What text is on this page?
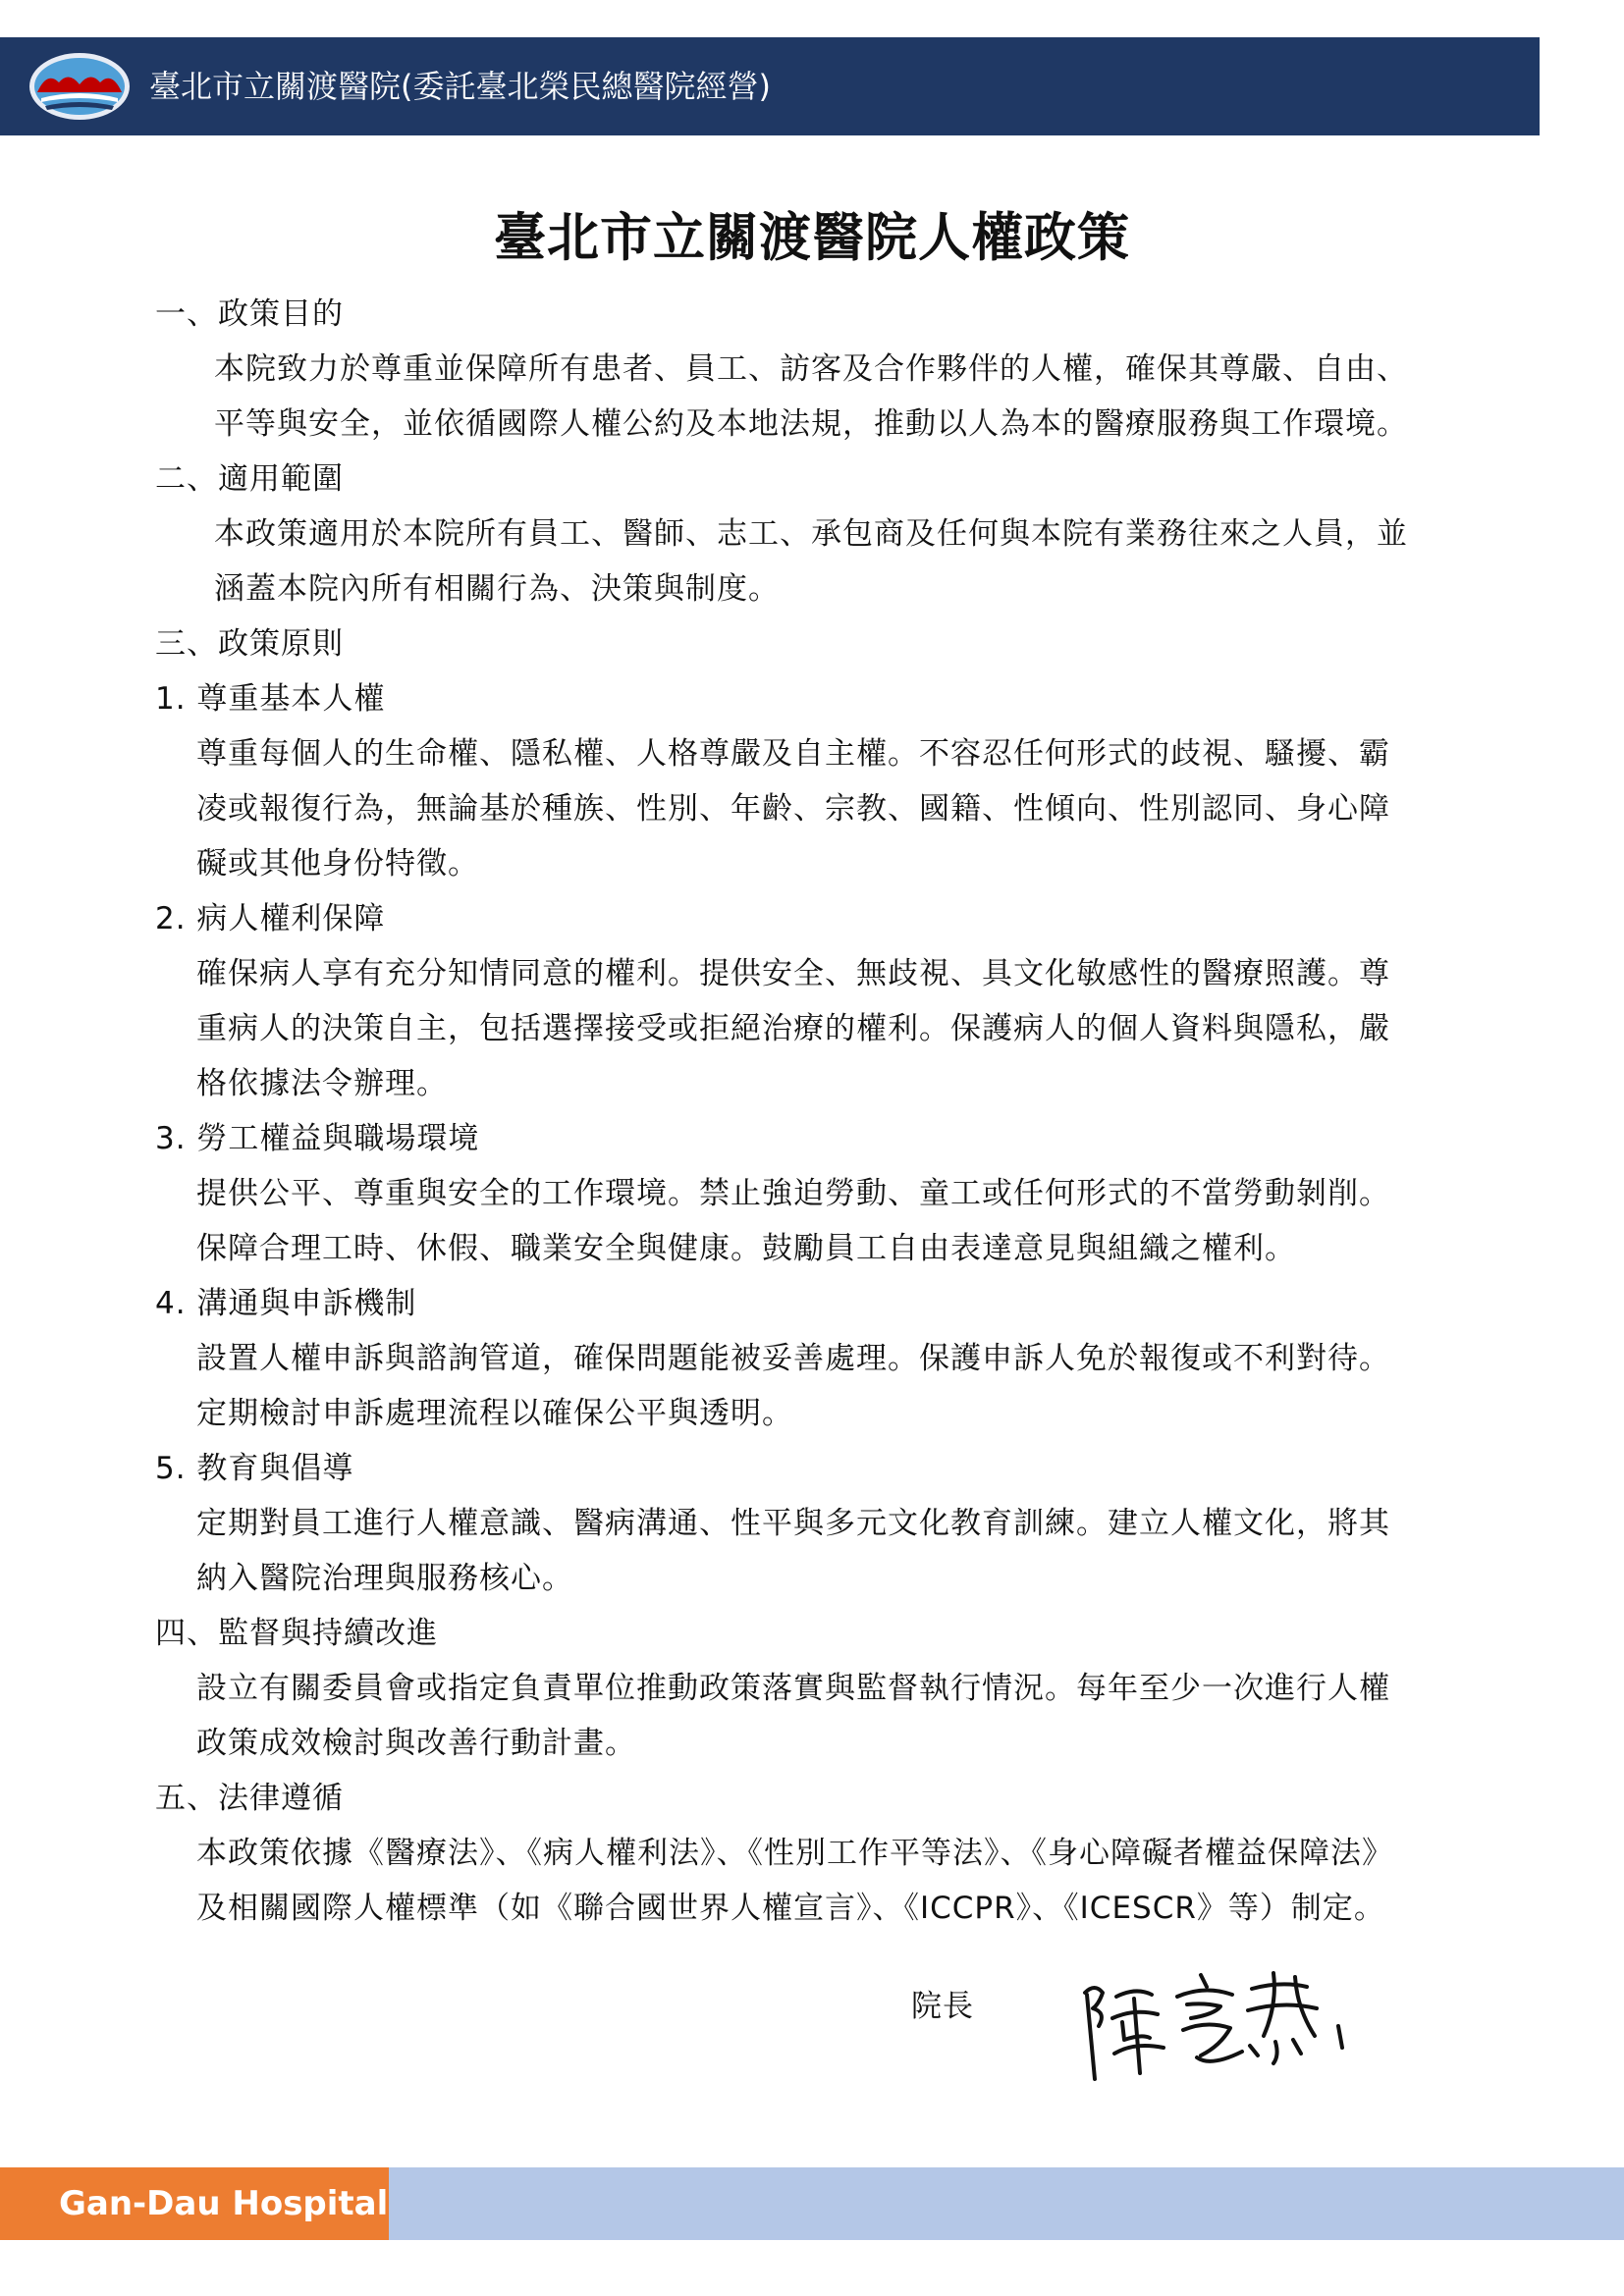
臺北市立關渡醫院(委託臺北榮民總醫院經營)
臺北市立關渡醫院人權政策
一、政策目的
本院致力於尊重並保障所有患者、員工、訪客及合作夥伴的人權，確保其尊嚴、自由、
平等與安全，並依循國際人權公約及本地法規，推動以人為本的醫療服務與工作環境。
二、適用範圍
本政策適用於本院所有員工、醫師、志工、承包商及任何與本院有業務往來之人員，並
涵蓋本院內所有相關行為、決策與制度。
三、政策原則
1. 尊重基本人權
尊重每個人的生命權、隱私權、人格尊嚴及自主權。不容忍任何形式的歧視、騷擾、霸
凌或報復行為，無論基於種族、性別、年齡、宗教、國籍、性傾向、性別認同、身心障
礙或其他身份特徵。
2. 病人權利保障
確保病人享有充分知情同意的權利。提供安全、無歧視、具文化敏感性的醫療照護。尊
重病人的決策自主，包括選擇接受或拒絕治療的權利。保護病人的個人資料與隱私，嚴
格依據法令辦理。
3. 勞工權益與職場環境
提供公平、尊重與安全的工作環境。禁止強迫勞動、童工或任何形式的不當勞動剝削。
保障合理工時、休假、職業安全與健康。鼓勵員工自由表達意見與組織之權利。
4. 溝通與申訴機制
設置人權申訴與諮詢管道，確保問題能被妥善處理。保護申訴人免於報復或不利對待。
定期檢討申訴處理流程以確保公平與透明。
5. 教育與倡導
定期對員工進行人權意識、醫病溝通、性平與多元文化教育訓練。建立人權文化，將其
納入醫院治理與服務核心。
四、監督與持續改進
設立有關委員會或指定負責單位推動政策落實與監督執行情況。每年至少一次進行人權
政策成效檢討與改善行動計畫。
五、法律遵循
本政策依據《醫療法》、《病人權利法》、《性別工作平等法》、《身心障礙者權益保障法》
及相關國際人權標準（如《聯合國世界人權宣言》、《ICCPR》、《ICESCR》等）制定。
院長
Gan-Dau Hospital
